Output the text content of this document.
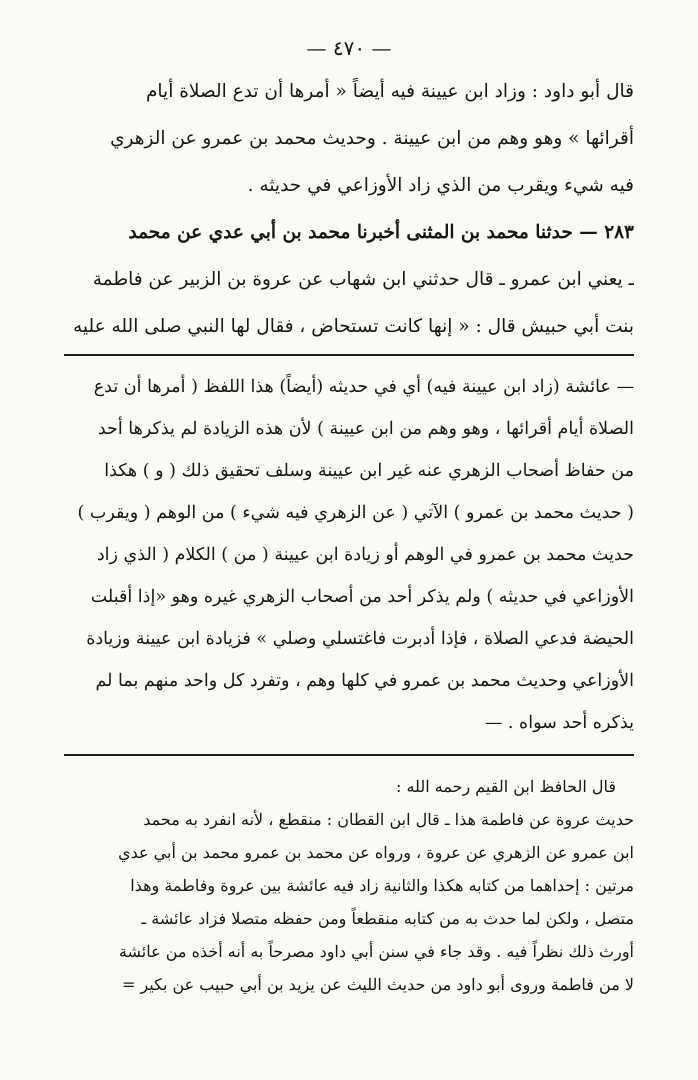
— ٤٧٠ —
قال أبو داود : وزاد ابن عيينة فيه أيضاً « أمرها أن تدع الصلاة أيام
أقرائها » وهو وهم من ابن عيينة . وحديث محمد بن عمرو عن الزهري
فيه شيء ويقرب من الذي زاد الأوزاعي في حديثه .
٢٨٣ — حدثنا محمد بن المثنى أخبرنا محمد بن أبي عدي عن محمد
ـ يعني ابن عمرو ـ قال حدثني ابن شهاب عن عروة بن الزبير عن فاطمة
بنت أبي حبيش قال : « إنها كانت تستحاض ، فقال لها النبي صلى الله عليه
— عائشة (زاد ابن عيينة فيه) أي في حديثه (أيضاً) هذا اللفظ ( أمرها أن تدع
الصلاة أيام أقرائها ، وهو وهم من ابن عيينة ) لأن هذه الزيادة لم يذكرها أحد
من حفاظ أصحاب الزهري عنه غير ابن عيينة وسلف تحقيق ذلك ( و ) هكذا
( حديث محمد بن عمرو ) الآتي ( عن الزهري فيه شيء ) من الوهم ( ويقرب )
حديث محمد بن عمرو في الوهم أو زيادة ابن عيينة ( من ) الكلام ( الذي زاد
الأوزاعي في حديثه ) ولم يذكر أحد من أصحاب الزهري غيره وهو «إذا أقبلت
الحيضة فدعي الصلاة ، فإذا أدبرت فاغتسلي وصلي » فزيادة ابن عيينة وزيادة
الأوزاعي وحديث محمد بن عمرو في كلها وهم ، وتفرد كل واحد منهم بما لم
يذكره أحد سواه . —
قال الحافظ ابن القيم رحمه الله :
حديث عروة عن فاطمة هذا ـ قال ابن القطان : منقطع ، لأنه انفرد به محمد
ابن عمرو عن الزهري عن عروة ، ورواه عن محمد بن عمرو محمد بن أبي عدي
مرتين : إحداهما من كتابه هكذا والثانية زاد فيه عائشة بين عروة وفاطمة وهذا
متصل ، ولكن لما حدث به من كتابه منقطعاً ومن حفظه متصلا فزاد عائشة ـ
أورث ذلك نظراً فيه . وقد جاء في سنن أبي داود مصرحاً به أنه أخذه من عائشة
لا من فاطمة وروى أبو داود من حديث الليث عن يزيد بن أبي حبيب عن بكير =
